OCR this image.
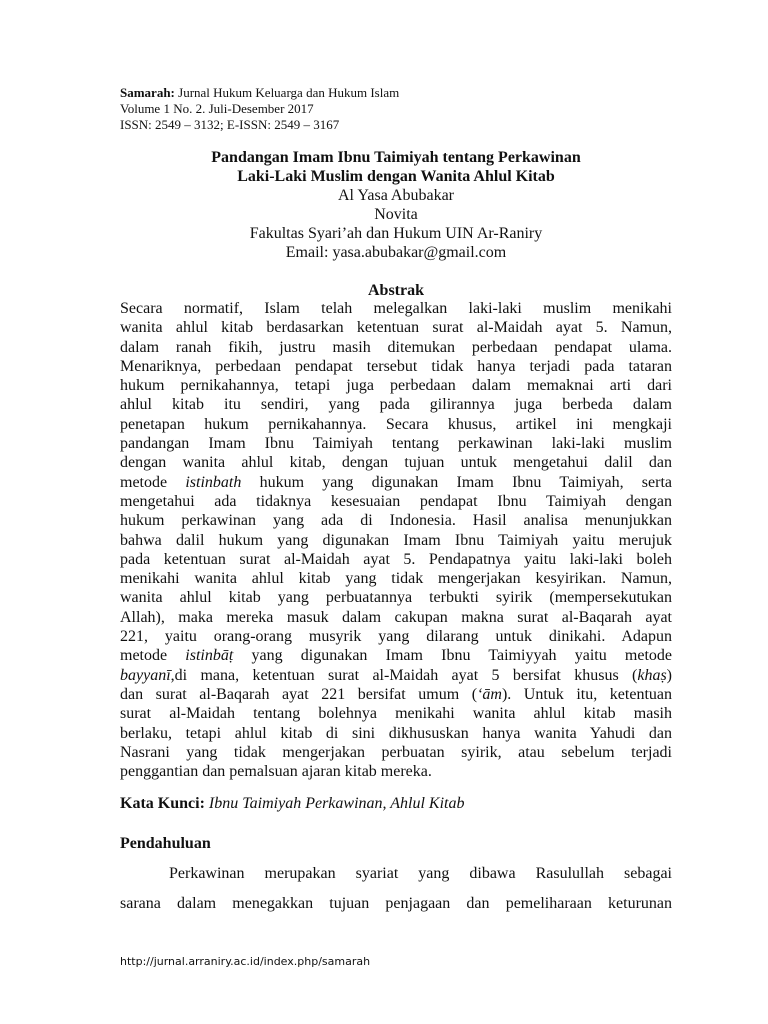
Samarah: Jurnal Hukum Keluarga dan Hukum Islam
Volume 1 No. 2. Juli-Desember 2017
ISSN: 2549 – 3132; E-ISSN: 2549 – 3167
Pandangan Imam Ibnu Taimiyah tentang Perkawinan
Laki-Laki Muslim dengan Wanita Ahlul Kitab
Al Yasa Abubakar
Novita
Fakultas Syari’ah dan Hukum UIN Ar-Raniry
Email: yasa.abubakar@gmail.com
Abstrak
Secara normatif, Islam telah melegalkan laki-laki muslim menikahi
wanita ahlul kitab berdasarkan ketentuan surat al-Maidah ayat 5. Namun,
dalam ranah fikih, justru masih ditemukan perbedaan pendapat ulama.
Menariknya, perbedaan pendapat tersebut tidak hanya terjadi pada tataran
hukum pernikahannya, tetapi juga perbedaan dalam memaknai arti dari
ahlul kitab itu sendiri, yang pada gilirannya juga berbeda dalam
penetapan hukum pernikahannya. Secara khusus, artikel ini mengkaji
pandangan Imam Ibnu Taimiyah tentang perkawinan laki-laki muslim
dengan wanita ahlul kitab, dengan tujuan untuk mengetahui dalil dan
metode istinbath hukum yang digunakan Imam Ibnu Taimiyah, serta
mengetahui ada tidaknya kesesuaian pendapat Ibnu Taimiyah dengan
hukum perkawinan yang ada di Indonesia. Hasil analisa menunjukkan
bahwa dalil hukum yang digunakan Imam Ibnu Taimiyah yaitu merujuk
pada ketentuan surat al-Maidah ayat 5. Pendapatnya yaitu laki-laki boleh
menikahi wanita ahlul kitab yang tidak mengerjakan kesyirikan. Namun,
wanita ahlul kitab yang perbuatannya terbukti syirik (mempersekutukan
Allah), maka mereka masuk dalam cakupan makna surat al-Baqarah ayat
221, yaitu orang-orang musyrik yang dilarang untuk dinikahi. Adapun
metode istinbāṭ yang digunakan Imam Ibnu Taimiyyah yaitu metode
bayyanī,di mana, ketentuan surat al-Maidah ayat 5 bersifat khusus (khaṣ)
dan surat al-Baqarah ayat 221 bersifat umum (‘ām). Untuk itu, ketentuan
surat al-Maidah tentang bolehnya menikahi wanita ahlul kitab masih
berlaku, tetapi ahlul kitab di sini dikhususkan hanya wanita Yahudi dan
Nasrani yang tidak mengerjakan perbuatan syirik, atau sebelum terjadi
penggantian dan pemalsuan ajaran kitab mereka.
Kata Kunci: Ibnu Taimiyah Perkawinan, Ahlul Kitab
Pendahuluan
Perkawinan merupakan syariat yang dibawa Rasulullah sebagai
sarana dalam menegakkan tujuan penjagaan dan pemeliharaan keturunan
http://jurnal.arraniry.ac.id/index.php/samarah
